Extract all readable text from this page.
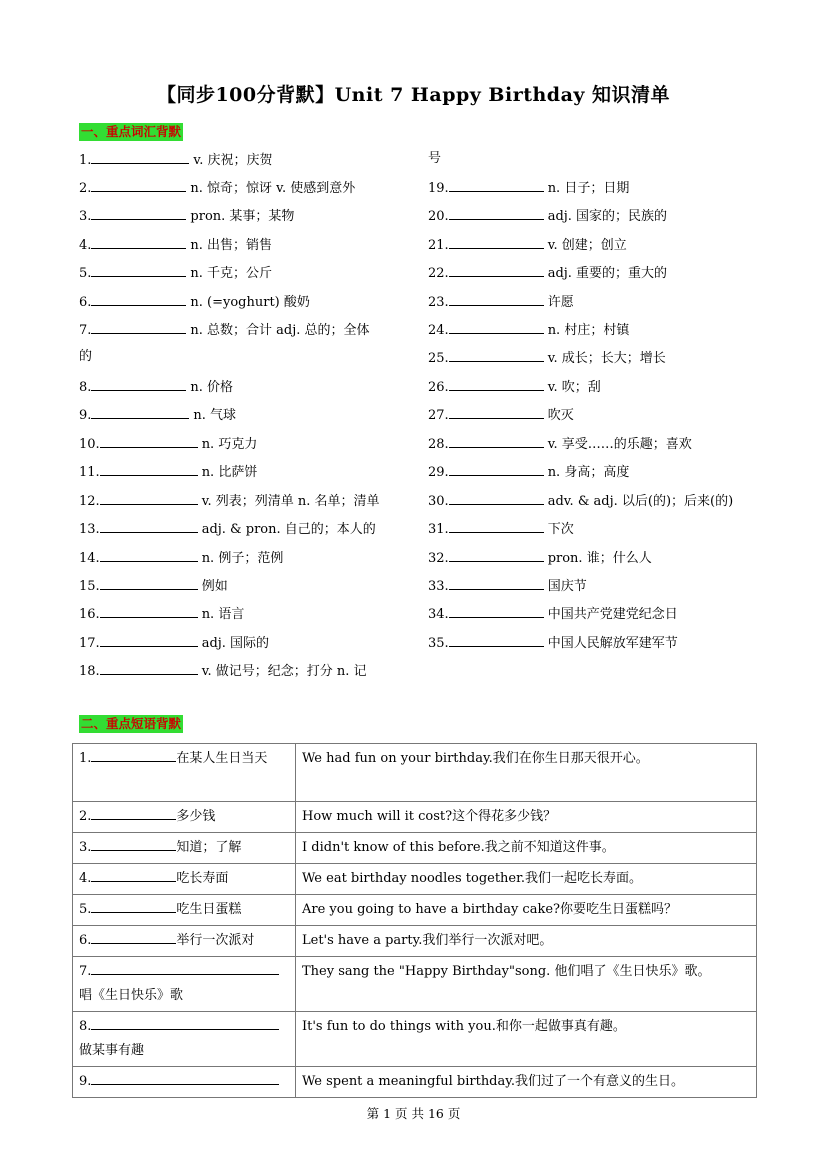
【同步100分背默】Unit 7 Happy Birthday 知识清单
一、重点词汇背默
1.	v. 庆祝；庆贺
2.	n. 惊奇；惊讶 v. 使感到意外
3.	pron. 某事；某物
4.	n. 出售；销售
5.	n. 千克；公斤
6.	n. (=yoghurt) 酸奶
7.	n. 总数；合计 adj. 总的；全体
的
8.	n. 价格
9.	n. 气球
10.	n. 巧克力
11.	n. 比萨饼
12.	v. 列表；列清单 n. 名单；清单
13.	adj. & pron. 自己的；本人的
14.	n. 例子；范例
15.	例如
16.	n. 语言
17.	adj. 国际的
18.	v. 做记号；纪念；打分 n. 记
号
19.	n. 日子；日期
20.	adj. 国家的；民族的
21.	v. 创建；创立
22.	adj. 重要的；重大的
23.	许愿
24.	n. 村庄；村镇
25.	v. 成长；长大；增长
26.	v. 吹；刮
27.	吹灭
28.	v. 享受……的乐趣；喜欢
29.	n. 身高；高度
30.	adv. & adj. 以后(的)；后来(的)
31.	下次
32.	pron. 谁；什么人
33.	国庆节
34.	中国共产党建党纪念日
35.	中国人民解放军建军节
二、重点短语背默
1. 在某人生日当天	We had fun on your birthday.我们在你生日那天很开心。
2. 多少钱	How much will it cost?这个得花多少钱？
3. 知道；了解	I didn't know of this before.我之前不知道这件事。
4. 吃长寿面	We eat birthday noodles together.我们一起吃长寿面。
5. 吃生日蛋糕	Are you going to have a birthday cake?你要吃生日蛋糕吗？
6. 举行一次派对	Let's have a party.我们举行一次派对吧。
7.
唱《生日快乐》歌	They sang the "Happy Birthday"song. 他们唱了《生日快乐》歌。
8.
做某事有趣	It's fun to do things with you.和你一起做事真有趣。
9.	We spent a meaningful birthday.我们过了一个有意义的生日。
第 1 页 共 16 页
